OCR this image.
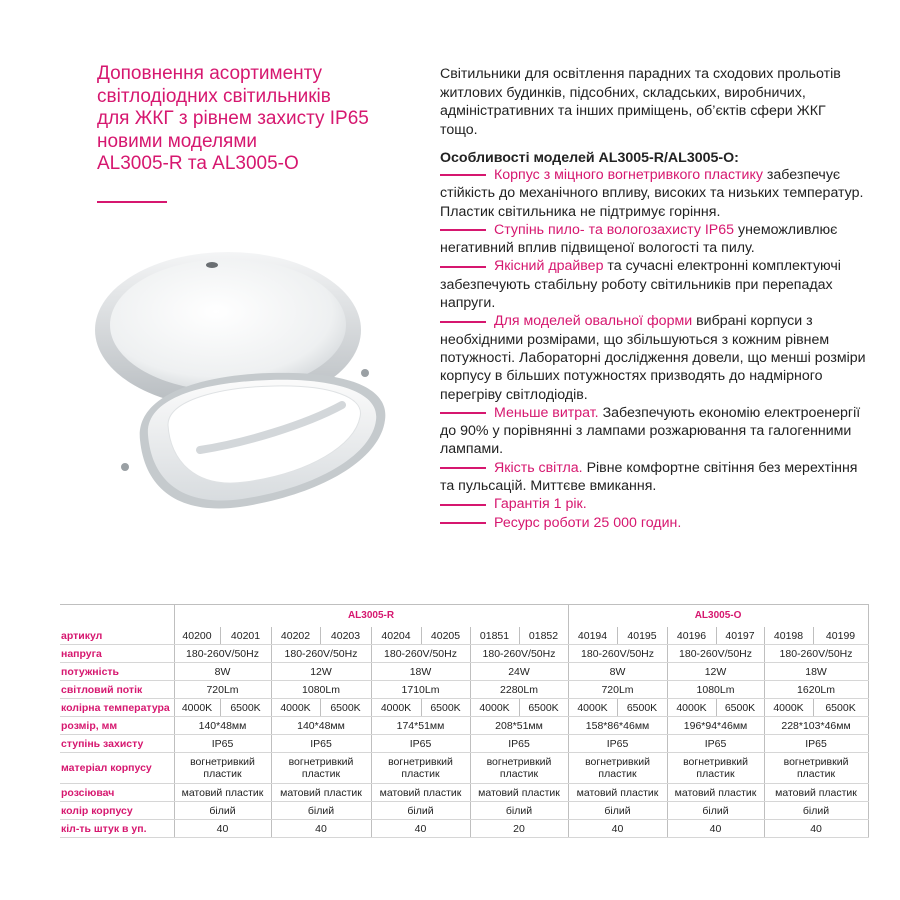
Доповнення асортименту
світлодіодних світильників
для ЖКГ з рівнем захисту IP65
новими моделями
AL3005-R та AL3005-O
Світильники для освітлення парадних та сходових прольотів житлових будинків, підсобних, складських, виробничих, адміністративних та інших приміщень, об’єктів сфери ЖКГ тощо.
Особливості моделей AL3005-R/AL3005-O:

Корпус з міцного вогнетривкого пластику забезпечує стійкість до механічного впливу, високих та низьких температур. Пластик світильника не підтримує горіння.

Ступінь пило- та вологозахисту IP65 унеможливлює негативний вплив підвищеної вологості та пилу.

Якісний драйвер та сучасні електронні комплектуючі забезпечують стабільну роботу світильників при перепадах напруги.

Для моделей овальної форми вибрані корпуси з необхідними розмірами, що збільшуються з кожним рівнем потужності. Лабораторні дослідження довели, що менші розміри корпусу в більших потужностях призводять до надмірного перегріву світлодіодів.

Меньше витрат. Забезпечують економію електроенергії до 90% у порівнянні з лампами розжарювання та галогенними лампами.

Якість світла. Рівне комфортне світіння без мерехтіння та пульсацій. Миттєве вмикання.

Гарантія 1 рік.

Ресурс роботи 25 000 годин.

	AL3005-R								AL3005-O					
артикул	40200	40201	40202	40203	40204	40205	01851	01852	40194	40195	40196	40197	40198	40199
напруга	180-260V/50Hz		180-260V/50Hz		180-260V/50Hz		180-260V/50Hz		180-260V/50Hz		180-260V/50Hz		180-260V/50Hz	
потужність	8W		12W		18W		24W		8W		12W		18W	
світловий потік	720Lm		1080Lm		1710Lm		2280Lm		720Lm		1080Lm		1620Lm	
колірна температура	4000K	6500K	4000K	6500K	4000K	6500K	4000K	6500K	4000K	6500K	4000K	6500K	4000K	6500K
розмір, мм	140*48мм		140*48мм		174*51мм		208*51мм		158*86*46мм		196*94*46мм		228*103*46мм	
ступінь захисту	IP65		IP65		IP65		IP65		IP65		IP65		IP65	
матеріал корпусу	вогнетривкий пластик		вогнетривкий пластик		вогнетривкий пластик		вогнетривкий пластик		вогнетривкий пластик		вогнетривкий пластик		вогнетривкий пластик	
розсіювач	матовий пластик		матовий пластик		матовий пластик		матовий пластик		матовий пластик		матовий пластик		матовий пластик	
колір корпусу	білий		білий		білий		білий		білий		білий		білий	
кіл-ть штук в уп.	40		40		40		20		40		40		40	
